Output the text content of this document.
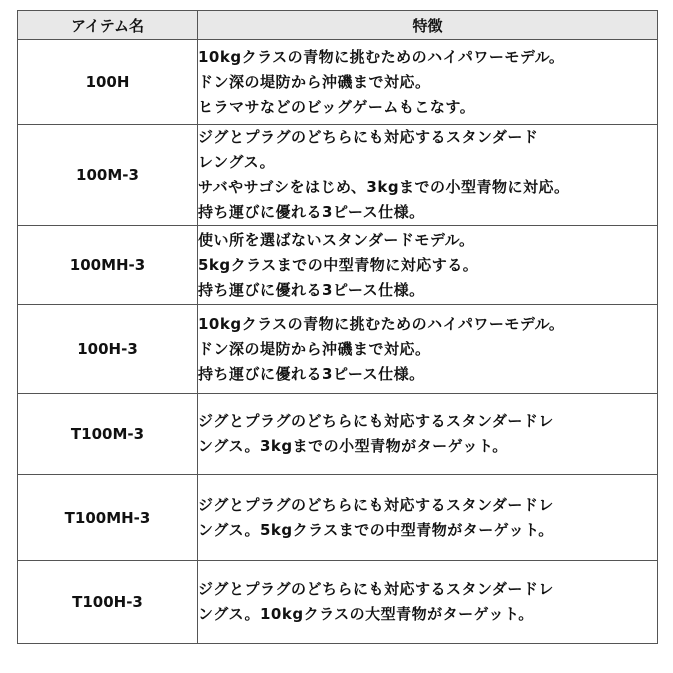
アイテム名	特徴
100H	10kgクラスの青物に挑むためのハイパワーモデル。
ドン深の堤防から沖磯まで対応。
ヒラマサなどのビッグゲームもこなす。

100M-3	ジグとプラグのどちらにも対応するスタンダード
レングス。
サバやサゴシをはじめ、3kgまでの小型青物に対応。
持ち運びに優れる3ピース仕様。

100MH-3	使い所を選ばないスタンダードモデル。
5kgクラスまでの中型青物に対応する。
持ち運びに優れる3ピース仕様。

100H-3	10kgクラスの青物に挑むためのハイパワーモデル。
ドン深の堤防から沖磯まで対応。
持ち運びに優れる3ピース仕様。

T100M-3	ジグとプラグのどちらにも対応するスタンダードレ
ングス。3kgまでの小型青物がターゲット。

T100MH-3	ジグとプラグのどちらにも対応するスタンダードレ
ングス。5kgクラスまでの中型青物がターゲット。

T100H-3	ジグとプラグのどちらにも対応するスタンダードレ
ングス。10kgクラスの大型青物がターゲット。
